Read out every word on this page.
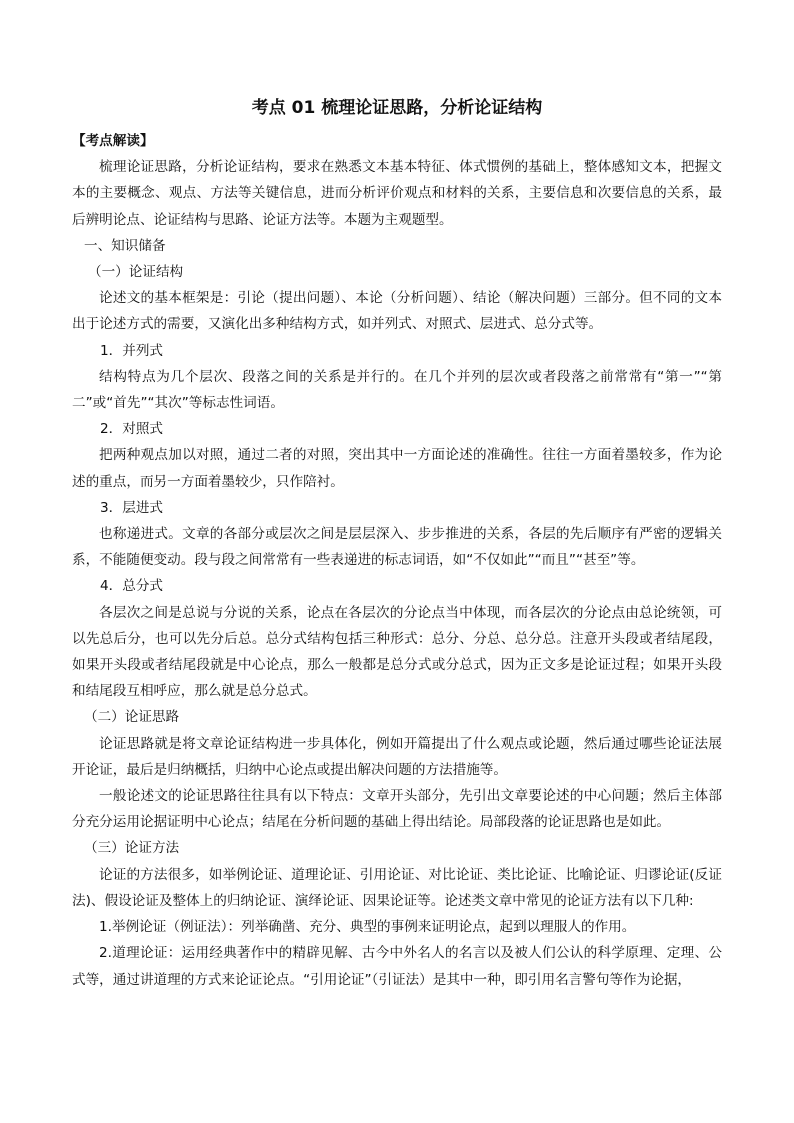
考点 01 梳理论证思路，分析论证结构

【考点解读】

梳理论证思路，分析论证结构，要求在熟悉文本基本特征、体式惯例的基础上，整体感知文本，把握文本的主要概念、观点、方法等关键信息，进而分析评价观点和材料的关系，主要信息和次要信息的关系，最后辨明论点、论证结构与思路、论证方法等。本题为主观题型。

一、知识储备

（一）论证结构

论述文的基本框架是：引论（提出问题）、本论（分析问题）、结论（解决问题）三部分。但不同的文本出于论述方式的需要，又演化出多种结构方式，如并列式、对照式、层进式、总分式等。

1．并列式

结构特点为几个层次、段落之间的关系是并行的。在几个并列的层次或者段落之前常常有“第一”“第二”或“首先”“其次”等标志性词语。

2．对照式

把两种观点加以对照，通过二者的对照，突出其中一方面论述的准确性。往往一方面着墨较多，作为论述的重点，而另一方面着墨较少，只作陪衬。

3．层进式

也称递进式。文章的各部分或层次之间是层层深入、步步推进的关系，各层的先后顺序有严密的逻辑关系，不能随便变动。段与段之间常常有一些表递进的标志词语，如“不仅如此”“而且”“甚至”等。

4．总分式

各层次之间是总说与分说的关系，论点在各层次的分论点当中体现，而各层次的分论点由总论统领，可以先总后分，也可以先分后总。总分式结构包括三种形式：总分、分总、总分总。注意开头段或者结尾段，如果开头段或者结尾段就是中心论点，那么一般都是总分式或分总式，因为正文多是论证过程；如果开头段和结尾段互相呼应，那么就是总分总式。

（二）论证思路

论证思路就是将文章论证结构进一步具体化，例如开篇提出了什么观点或论题，然后通过哪些论证法展开论证，最后是归纳概括，归纳中心论点或提出解决问题的方法措施等。

一般论述文的论证思路往往具有以下特点：文章开头部分，先引出文章要论述的中心问题；然后主体部分充分运用论据证明中心论点；结尾在分析问题的基础上得出结论。局部段落的论证思路也是如此。

（三）论证方法

论证的方法很多，如举例论证、道理论证、引用论证、对比论证、类比论证、比喻论证、归谬论证(反证法)、假设论证及整体上的归纳论证、演绎论证、因果论证等。论述类文章中常见的论证方法有以下几种:

1.举例论证（例证法）：列举确凿、充分、典型的事例来证明论点，起到以理服人的作用。

2.道理论证：运用经典著作中的精辟见解、古今中外名人的名言以及被人们公认的科学原理、定理、公式等，通过讲道理的方式来论证论点。“引用论证”（引证法）是其中一种，即引用名言警句等作为论据，
